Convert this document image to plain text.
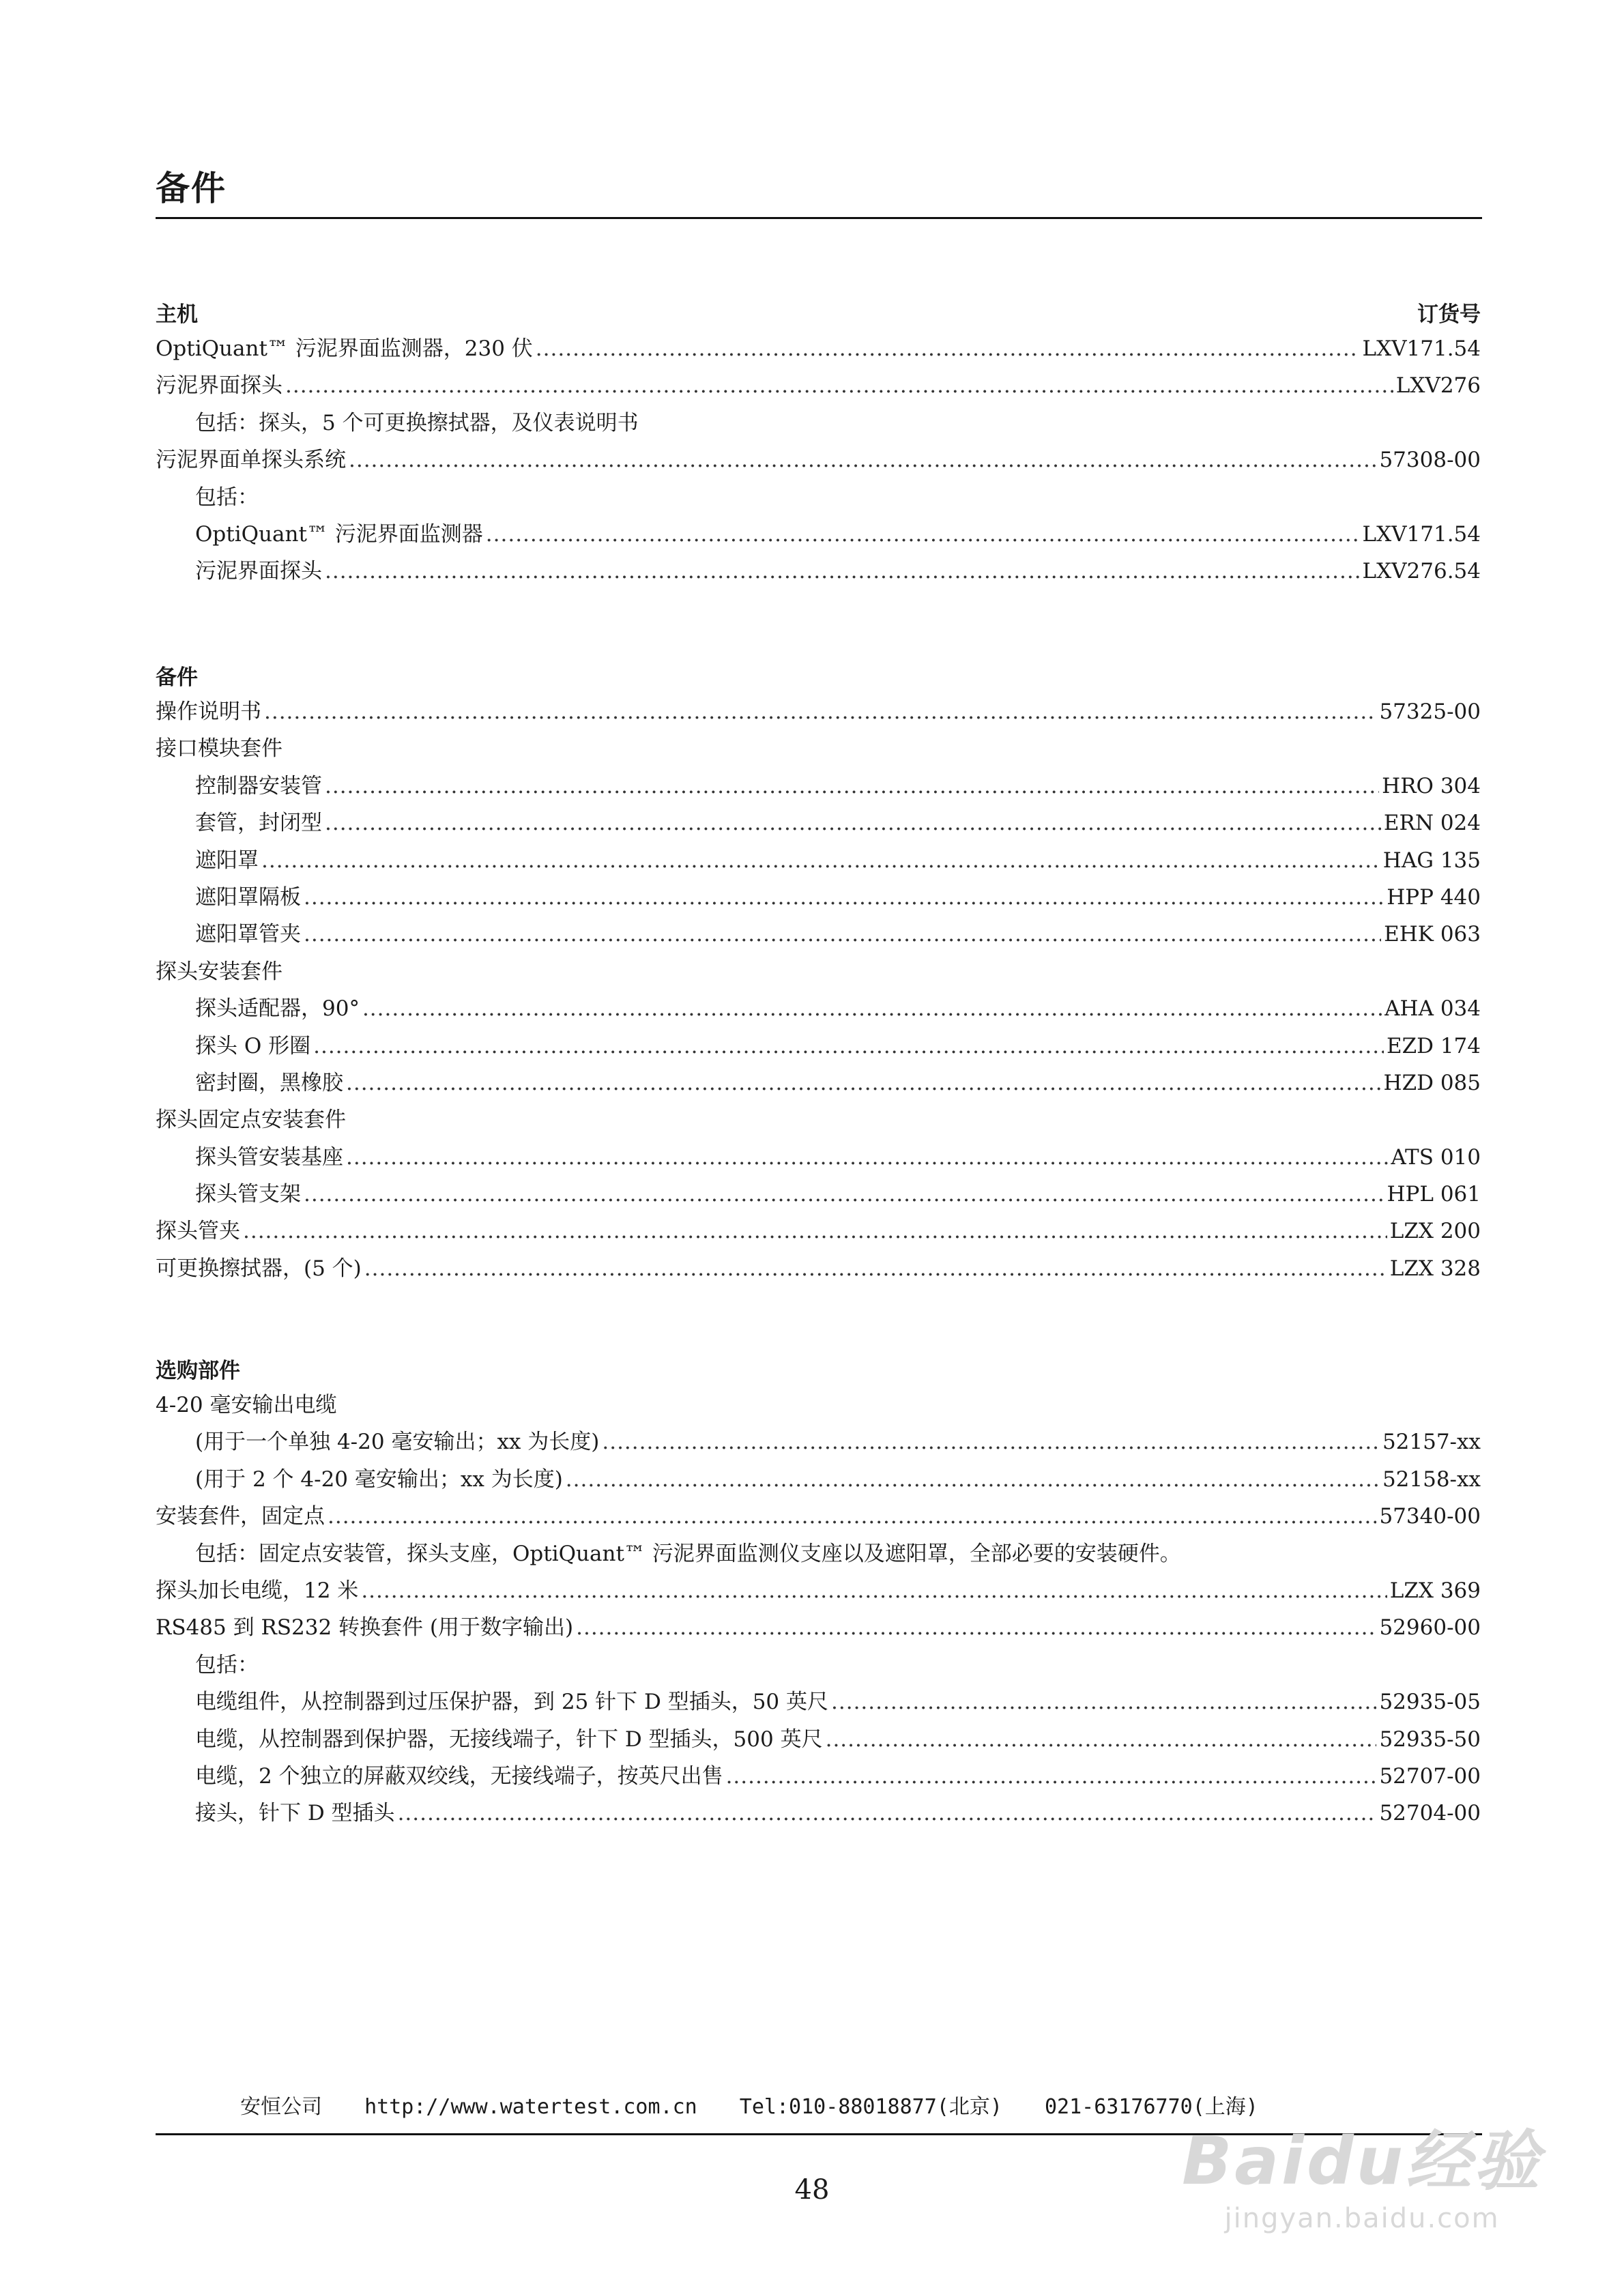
备件
主机	订货号
OptiQuant™ 污泥界面监测器，230 伏 .....	LXV171.54
污泥界面探头 .....	LXV276
包括：探头，5 个可更换擦拭器，及仪表说明书
污泥界面单探头系统 .....	57308-00
包括：
OptiQuant™ 污泥界面监测器 .....	LXV171.54
污泥界面探头 .....	LXV276.54
备件
操作说明书 .....	57325-00
接口模块套件
控制器安装管 .....	HRO 304
套管，封闭型 .....	ERN 024
遮阳罩 .....	HAG 135
遮阳罩隔板 .....	HPP 440
遮阳罩管夹 .....	EHK 063
探头安装套件
探头适配器，90° .....	AHA 034
探头 O 形圈 .....	EZD 174
密封圈，黑橡胶 .....	HZD 085
探头固定点安装套件
探头管安装基座 .....	ATS 010
探头管支架 .....	HPL 061
探头管夹 .....	LZX 200
可更换擦拭器，(5 个) .....	LZX 328
选购部件
4-20 毫安输出电缆
(用于一个单独 4-20 毫安输出；xx 为长度) .....	52157-xx
(用于 2 个 4-20 毫安输出；xx 为长度) .....	52158-xx
安装套件，固定点 .....	57340-00
包括：固定点安装管，探头支座，OptiQuant™ 污泥界面监测仪支座以及遮阳罩，全部必要的安装硬件。
探头加长电缆，12 米 .....	LZX 369
RS485 到 RS232 转换套件 (用于数字输出) .....	52960-00
包括：
电缆组件，从控制器到过压保护器，到 25 针下 D 型插头，50 英尺 .....	52935-05
电缆，从控制器到保护器，无接线端子，针下 D 型插头，500 英尺 .....	52935-50
电缆，2 个独立的屏蔽双绞线，无接线端子，按英尺出售 .....	52707-00
接头，针下 D 型插头 .....	52704-00
安恒公司 http://www.watertest.com.cn Tel:010-88018877(北京) 021-63176770(上海)
48	Baidu经验
jingyan.baidu.com
